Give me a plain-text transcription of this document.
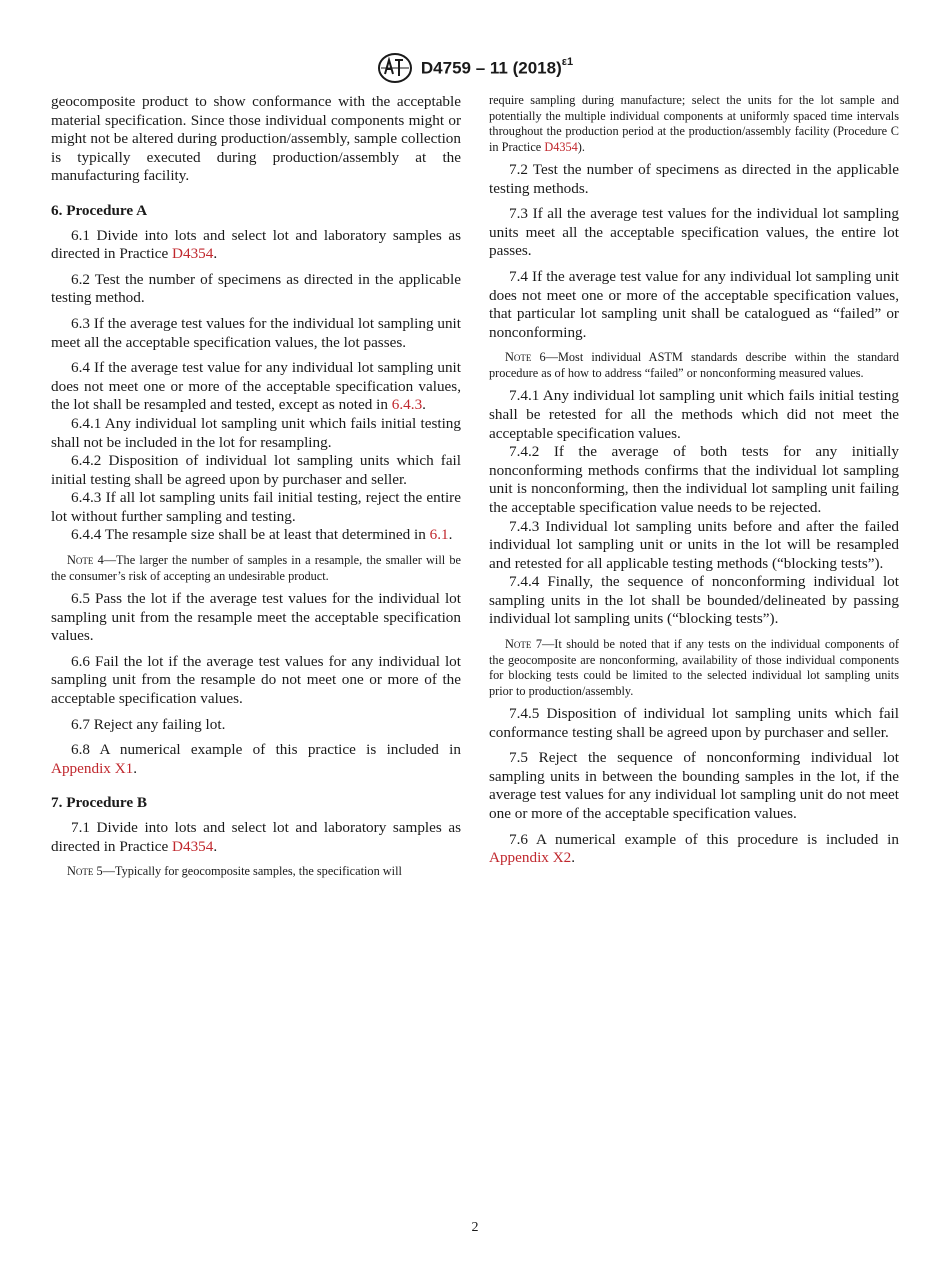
D4759 – 11 $(2018)^{\varepsilon 1}$

geocomposite product to show conformance with the acceptable material specification. Since those individual components might or might not be altered during production/assembly, sample collection is typically executed during production/assembly at the manufacturing facility.

6. Procedure A

6.1 Divide into lots and select lot and laboratory samples as directed in Practice D4354.

6.2 Test the number of specimens as directed in the applicable testing method.

6.3 If the average test values for the individual lot sampling unit meet all the acceptable specification values, the lot passes.

6.4 If the average test value for any individual lot sampling unit does not meet one or more of the acceptable specification values, the lot shall be resampled and tested, except as noted in 6.4.3.

6.4.1 Any individual lot sampling unit which fails initial testing shall not be included in the lot for resampling.

6.4.2 Disposition of individual lot sampling units which fail initial testing shall be agreed upon by purchaser and seller.

6.4.3 If all lot sampling units fail initial testing, reject the entire lot without further sampling and testing.

6.4.4 The resample size shall be at least that determined in 6.1.

Note 4—The larger the number of samples in a resample, the smaller will be the consumer’s risk of accepting an undesirable product.

6.5 Pass the lot if the average test values for the individual lot sampling unit from the resample meet the acceptable specification values.

6.6 Fail the lot if the average test values for any individual lot sampling unit from the resample do not meet one or more of the acceptable specification values.

6.7 Reject any failing lot.

6.8 A numerical example of this practice is included in Appendix X1.

7. Procedure B

7.1 Divide into lots and select lot and laboratory samples as directed in Practice D4354.

Note 5—Typically for geocomposite samples, the specification will

require sampling during manufacture; select the units for the lot sample and potentially the multiple individual components at uniformly spaced time intervals throughout the production period at the production/assembly facility (Procedure C in Practice D4354).

7.2 Test the number of specimens as directed in the applicable testing methods.

7.3 If all the average test values for the individual lot sampling units meet all the acceptable specification values, the entire lot passes.

7.4 If the average test value for any individual lot sampling unit does not meet one or more of the acceptable specification values, that particular lot sampling unit shall be catalogued as “failed” or nonconforming.

Note 6—Most individual ASTM standards describe within the standard procedure as of how to address “failed” or nonconforming measured values.

7.4.1 Any individual lot sampling unit which fails initial testing shall be retested for all the methods which did not meet the acceptable specification values.

7.4.2 If the average of both tests for any initially nonconforming methods confirms that the individual lot sampling unit is nonconforming, then the individual lot sampling unit failing the acceptable specification value needs to be rejected.

7.4.3 Individual lot sampling units before and after the failed individual lot sampling unit or units in the lot will be resampled and retested for all applicable testing methods (“blocking tests”).

7.4.4 Finally, the sequence of nonconforming individual lot sampling units in the lot shall be bounded/delineated by passing individual lot sampling units (“blocking tests”).

Note 7—It should be noted that if any tests on the individual components of the geocomposite are nonconforming, availability of those individual components for blocking tests could be limited to the selected individual lot sampling units prior to production/assembly.

7.4.5 Disposition of individual lot sampling units which fail conformance testing shall be agreed upon by purchaser and seller.

7.5 Reject the sequence of nonconforming individual lot sampling units in between the bounding samples in the lot, if the average test values for any individual lot sampling unit do not meet one or more of the acceptable specification values.

7.6 A numerical example of this procedure is included in Appendix X2.

2
